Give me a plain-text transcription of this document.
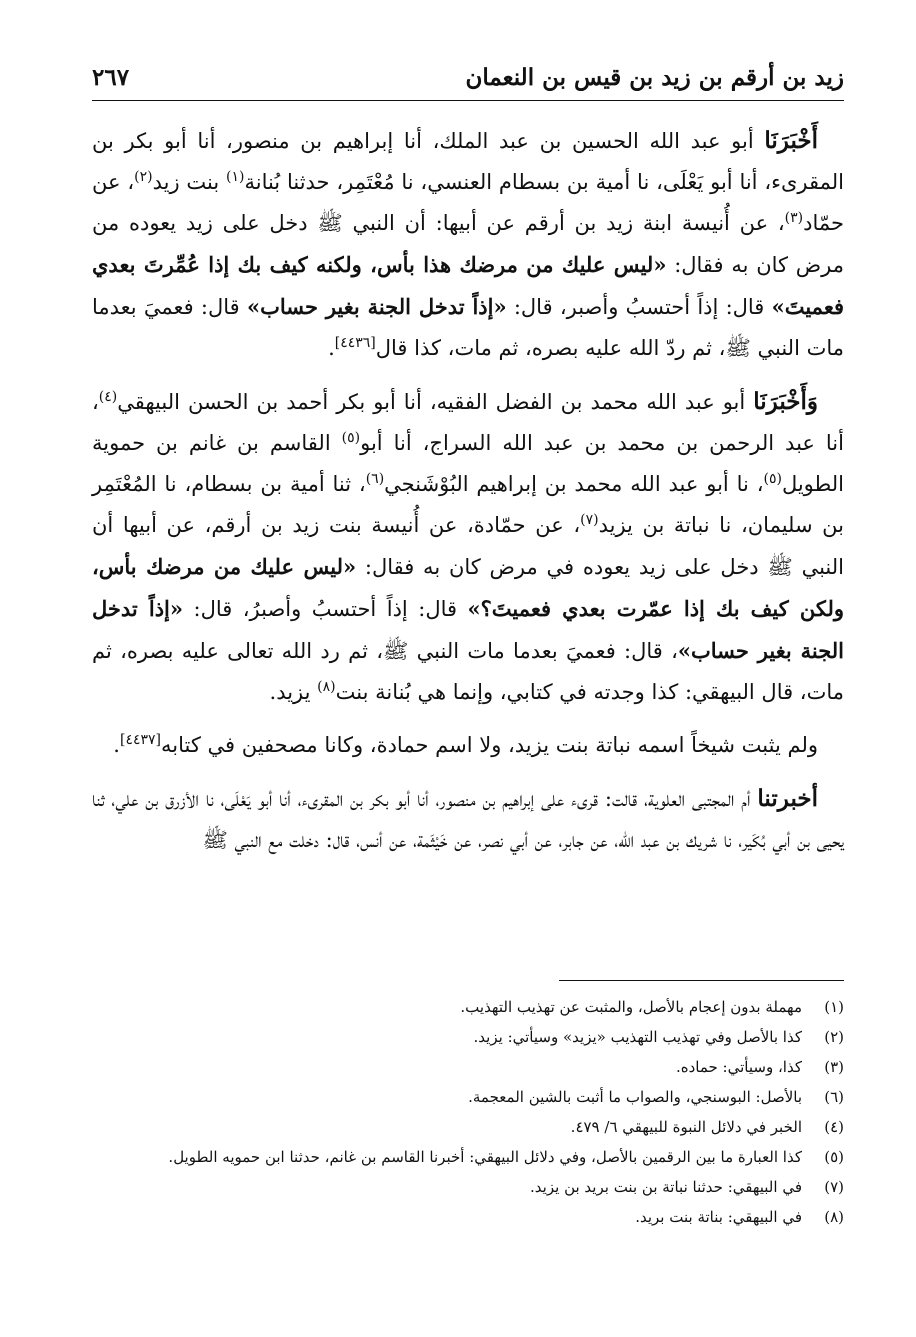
زيد بن أرقم بن زيد بن قيس بن النعمان
٢٦٧

أَخْبَرَنَا أبو عبد الله الحسين بن عبد الملك، أنا إبراهيم بن منصور، أنا أبو بكر بن المقرىء، أنا أبو يَعْلَى، نا أمية بن بسطام العنسي، نا مُعْتَمِر، حدثنا بُنانة$^{(١)}$ بنت زيد$^{(٢)}$، عن حمّاد$^{(٣)}$، عن أُنيسة ابنة زيد بن أرقم عن أبيها: أن النبي ﷺ دخل على زيد يعوده من مرض كان به فقال: «ليس عليك من مرضك هذا بأس، ولكنه كيف بك إذا عُمِّرتَ بعدي فعميتَ» قال: إذاً أحتسبُ وأصبر، قال: «إذاً تدخل الجنة بغير حساب» قال: فعميَ بعدما مات النبي ﷺ، ثم ردّ الله عليه بصره، ثم مات، كذا قال[٤٤٣٦].

وَأَخْبَرَنَا أبو عبد الله محمد بن الفضل الفقيه، أنا أبو بكر أحمد بن الحسن البيهقي$^{(٤)}$، أنا عبد الرحمن بن محمد بن عبد الله السراج، أنا أبو$^{(٥)}$ القاسم بن غانم بن حموية الطويل$^{(٥)}$، نا أبو عبد الله محمد بن إبراهيم البُوْشَنجي$^{(٦)}$، ثنا أمية بن بسطام، نا المُعْتَمِر بن سليمان، نا نباتة بن يزيد$^{(٧)}$، عن حمّادة، عن أُنيسة بنت زيد بن أرقم، عن أبيها أن النبي ﷺ دخل على زيد يعوده في مرض كان به فقال: «ليس عليك من مرضك بأس، ولكن كيف بك إذا عمّرت بعدي فعميتَ؟» قال: إذاً أحتسبُ وأصبرُ، قال: «إذاً تدخل الجنة بغير حساب»، قال: فعميَ بعدما مات النبي ﷺ، ثم رد الله تعالى عليه بصره، ثم مات، قال البيهقي: كذا وجدته في كتابي، وإنما هي بُنانة بنت$^{(٨)}$ يزيد.

ولم يثبت شيخاً اسمه نباتة بنت يزيد، ولا اسم حمادة، وكانا مصحفين في كتابه[٤٤٣٧].

أخبرتنا أم المجتبى العلوية، قالت: قرىء على إبراهيم بن منصور، أنا أبو بكر بن المقرىء، أنا أبو يَعْلَى، نا الأزرق بن علي، ثنا يحيى بن أبي بُكَير، نا شريك بن عبد الله، عن جابر، عن أبي نصر، عن خَيْثَمة، عن أنس، قال: دخلت مع النبي ﷺ

(١)
مهملة بدون إعجام بالأصل، والمثبت عن تهذيب التهذيب.
(٢)
كذا بالأصل وفي تهذيب التهذيب «يزيد» وسيأتي: يزيد.
(٣)
كذا، وسيأتي: حماده.
(٦)
بالأصل: البوسنجي، والصواب ما أثبت بالشين المعجمة.
(٤)
الخبر في دلائل النبوة للبيهقي ٦/ ٤٧٩.
(٥)
كذا العبارة ما بين الرقمين بالأصل، وفي دلائل البيهقي: أخبرنا القاسم بن غانم، حدثنا ابن حمويه الطويل.
(٧)
في البيهقي: حدثنا نباتة بن بنت بريد بن يزيد.
(٨)
في البيهقي: بناتة بنت بريد.
